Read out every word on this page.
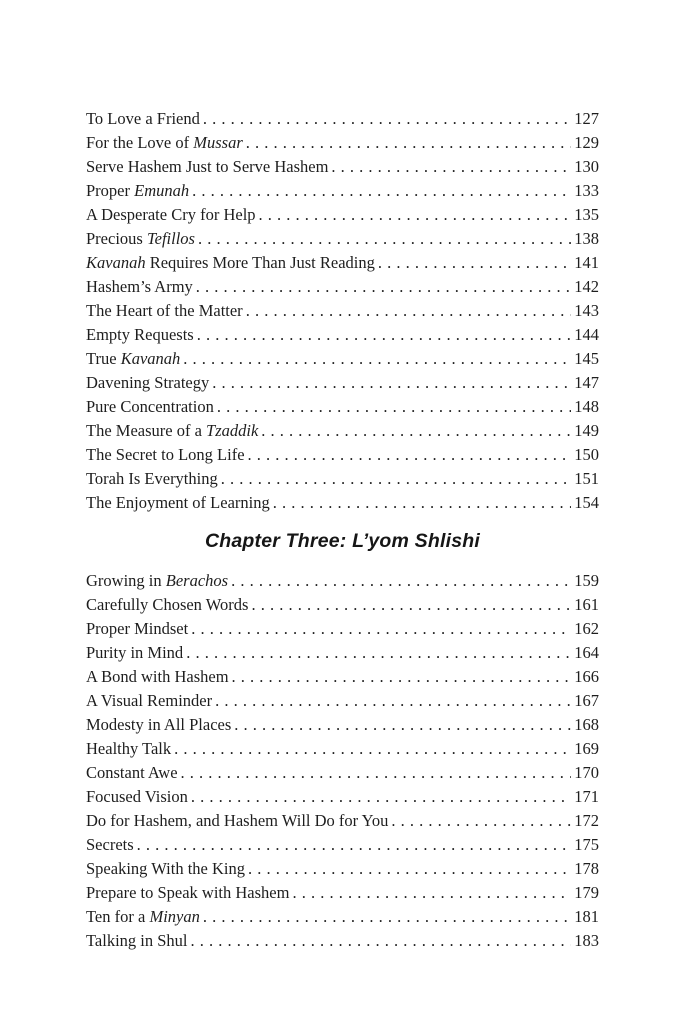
To Love a Friend . . .	127
For the Love of Mussar . . .	129
Serve Hashem Just to Serve Hashem . . .	130
Proper Emunah . . .	133
A Desperate Cry for Help . . .	135
Precious Tefillos . . .	138
Kavanah Requires More Than Just Reading . . .	141
Hashem’s Army . . .	142
The Heart of the Matter . . .	143
Empty Requests . . .	144
True Kavanah . . .	145
Davening Strategy . . .	147
Pure Concentration . . .	148
The Measure of a Tzaddik . . .	149
The Secret to Long Life . . .	150
Torah Is Everything . . .	151
The Enjoyment of Learning . . .	154
Chapter Three: L’yom Shlishi
Growing in Berachos . . .	159
Carefully Chosen Words . . .	161
Proper Mindset . . .	162
Purity in Mind . . .	164
A Bond with Hashem . . .	166
A Visual Reminder . . .	167
Modesty in All Places . . .	168
Healthy Talk . . .	169
Constant Awe . . .	170
Focused Vision . . .	171
Do for Hashem, and Hashem Will Do for You . . .	172
Secrets . . .	175
Speaking With the King . . .	178
Prepare to Speak with Hashem . . .	179
Ten for a Minyan . . .	181
Talking in Shul . . .	183
